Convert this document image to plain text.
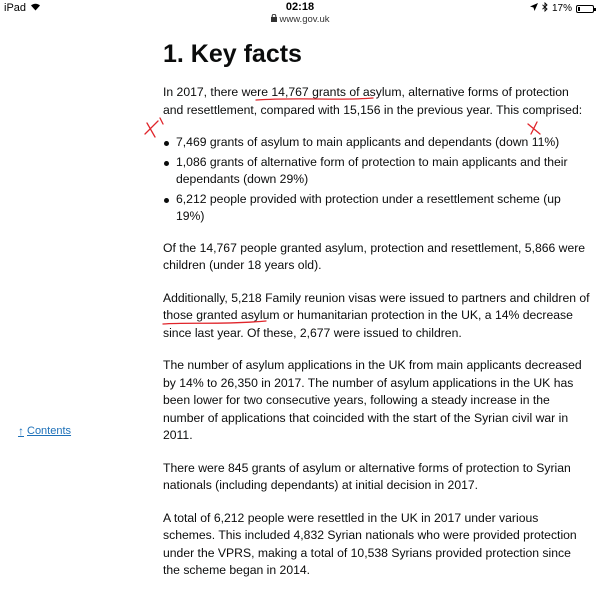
iPad	02:18
www.gov.uk
17%
1. Key facts

In 2017, there were 14,767 grants of asylum, alternative forms of protection and resettlement, compared with 15,156 in the previous year. This comprised:

7,469 grants of asylum to main applicants and dependants (down 11%)
1,086 grants of alternative form of protection to main applicants and their dependants (down 29%)
6,212 people provided with protection under a resettlement scheme (up 19%)

Of the 14,767 people granted asylum, protection and resettlement, 5,866 were children (under 18 years old).

Additionally, 5,218 Family reunion visas were issued to partners and children of those granted asylum or humanitarian protection in the UK, a 14% decrease since last year. Of these, 2,677 were issued to children.

The number of asylum applications in the UK from main applicants decreased by 14% to 26,350 in 2017. The number of asylum applications in the UK has been lower for two consecutive years, following a steady increase in the number of applications that coincided with the start of the Syrian civil war in 2011.

There were 845 grants of asylum or alternative forms of protection to Syrian nationals (including dependants) at initial decision in 2017.

A total of 6,212 people were resettled in the UK in 2017 under various schemes. This included 4,832 Syrian nationals who were provided protection under the VPRS, making a total of 10,538 Syrians provided protection since the scheme began in 2014.

↑ Contents
